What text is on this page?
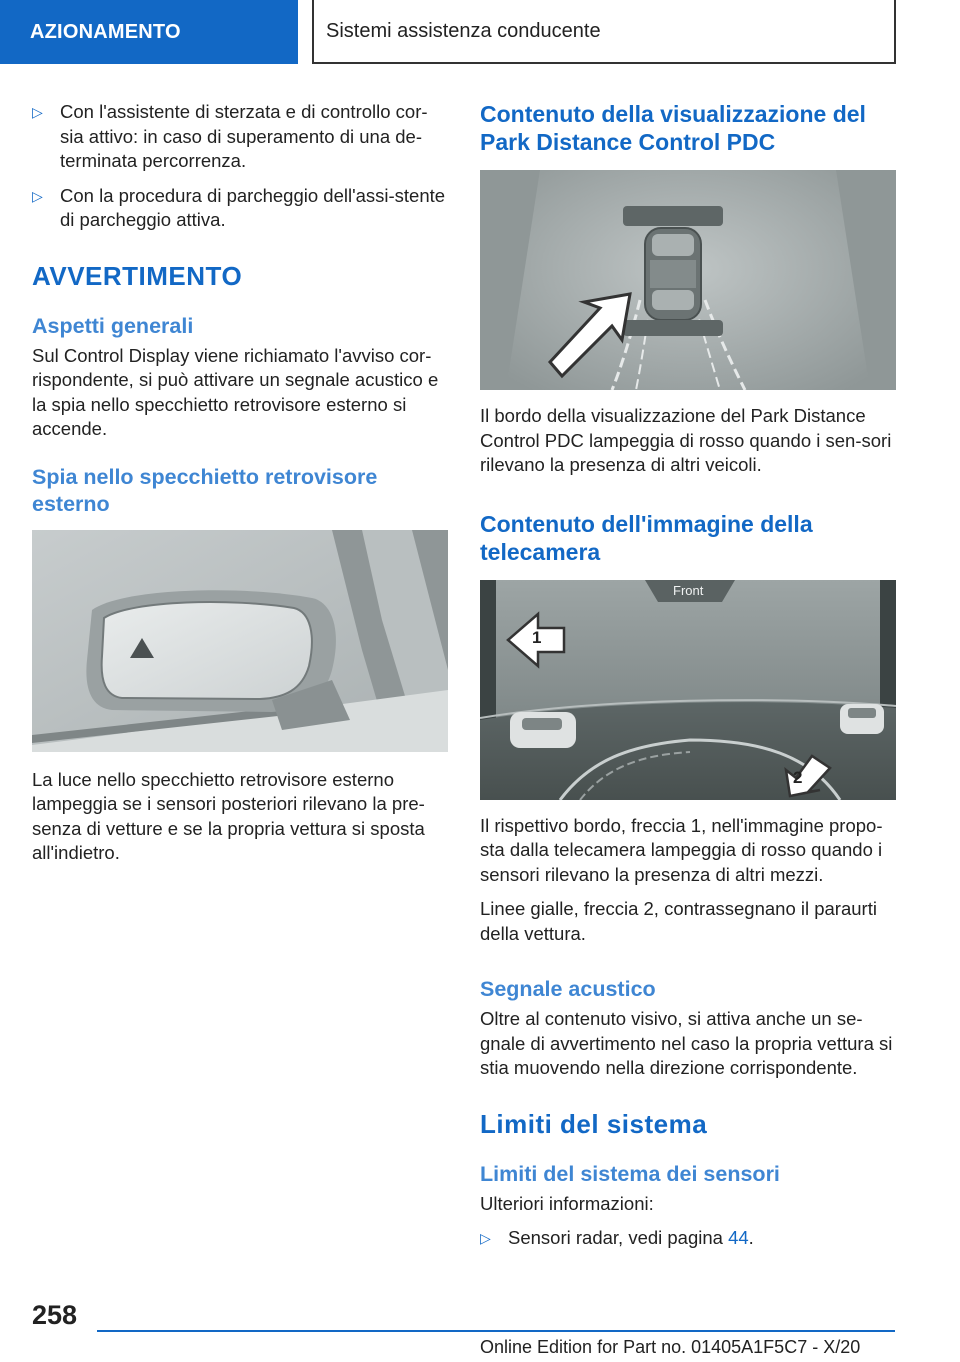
AZIONAMENTO	Sistemi assistenza conducente
▷ Con l'assistente di sterzata e di controllo cor-sia attivo: in caso di superamento di una de-terminata percorrenza.
▷ Con la procedura di parcheggio dell'assi-stente di parcheggio attiva.
AVVERTIMENTO
Aspetti generali

Sul Control Display viene richiamato l'avviso cor-rispondente, si può attivare un segnale acustico e la spia nello specchietto retrovisore esterno si accende.

Spia nello specchietto retrovisore esterno

La luce nello specchietto retrovisore esterno lampeggia se i sensori posteriori rilevano la pre-senza di vetture e se la propria vettura si sposta all'indietro.

Contenuto della visualizzazione del Park Distance Control PDC

Il bordo della visualizzazione del Park Distance Control PDC lampeggia di rosso quando i sen-sori rilevano la presenza di altri veicoli.

Contenuto dell'immagine della telecamera
Front
1
2

Il rispettivo bordo, freccia 1, nell'immagine propo-sta dalla telecamera lampeggia di rosso quando i sensori rilevano la presenza di altri mezzi.

Linee gialle, freccia 2, contrassegnano il paraurti della vettura.

Segnale acustico

Oltre al contenuto visivo, si attiva anche un se-gnale di avvertimento nel caso la propria vettura si stia muovendo nella direzione corrispondente.

Limiti del sistema
Limiti del sistema dei sensori

Ulteriori informazioni:

▷ Sensori radar, vedi pagina 44.
258
Online Edition for Part no. 01405A1F5C7 - X/20
